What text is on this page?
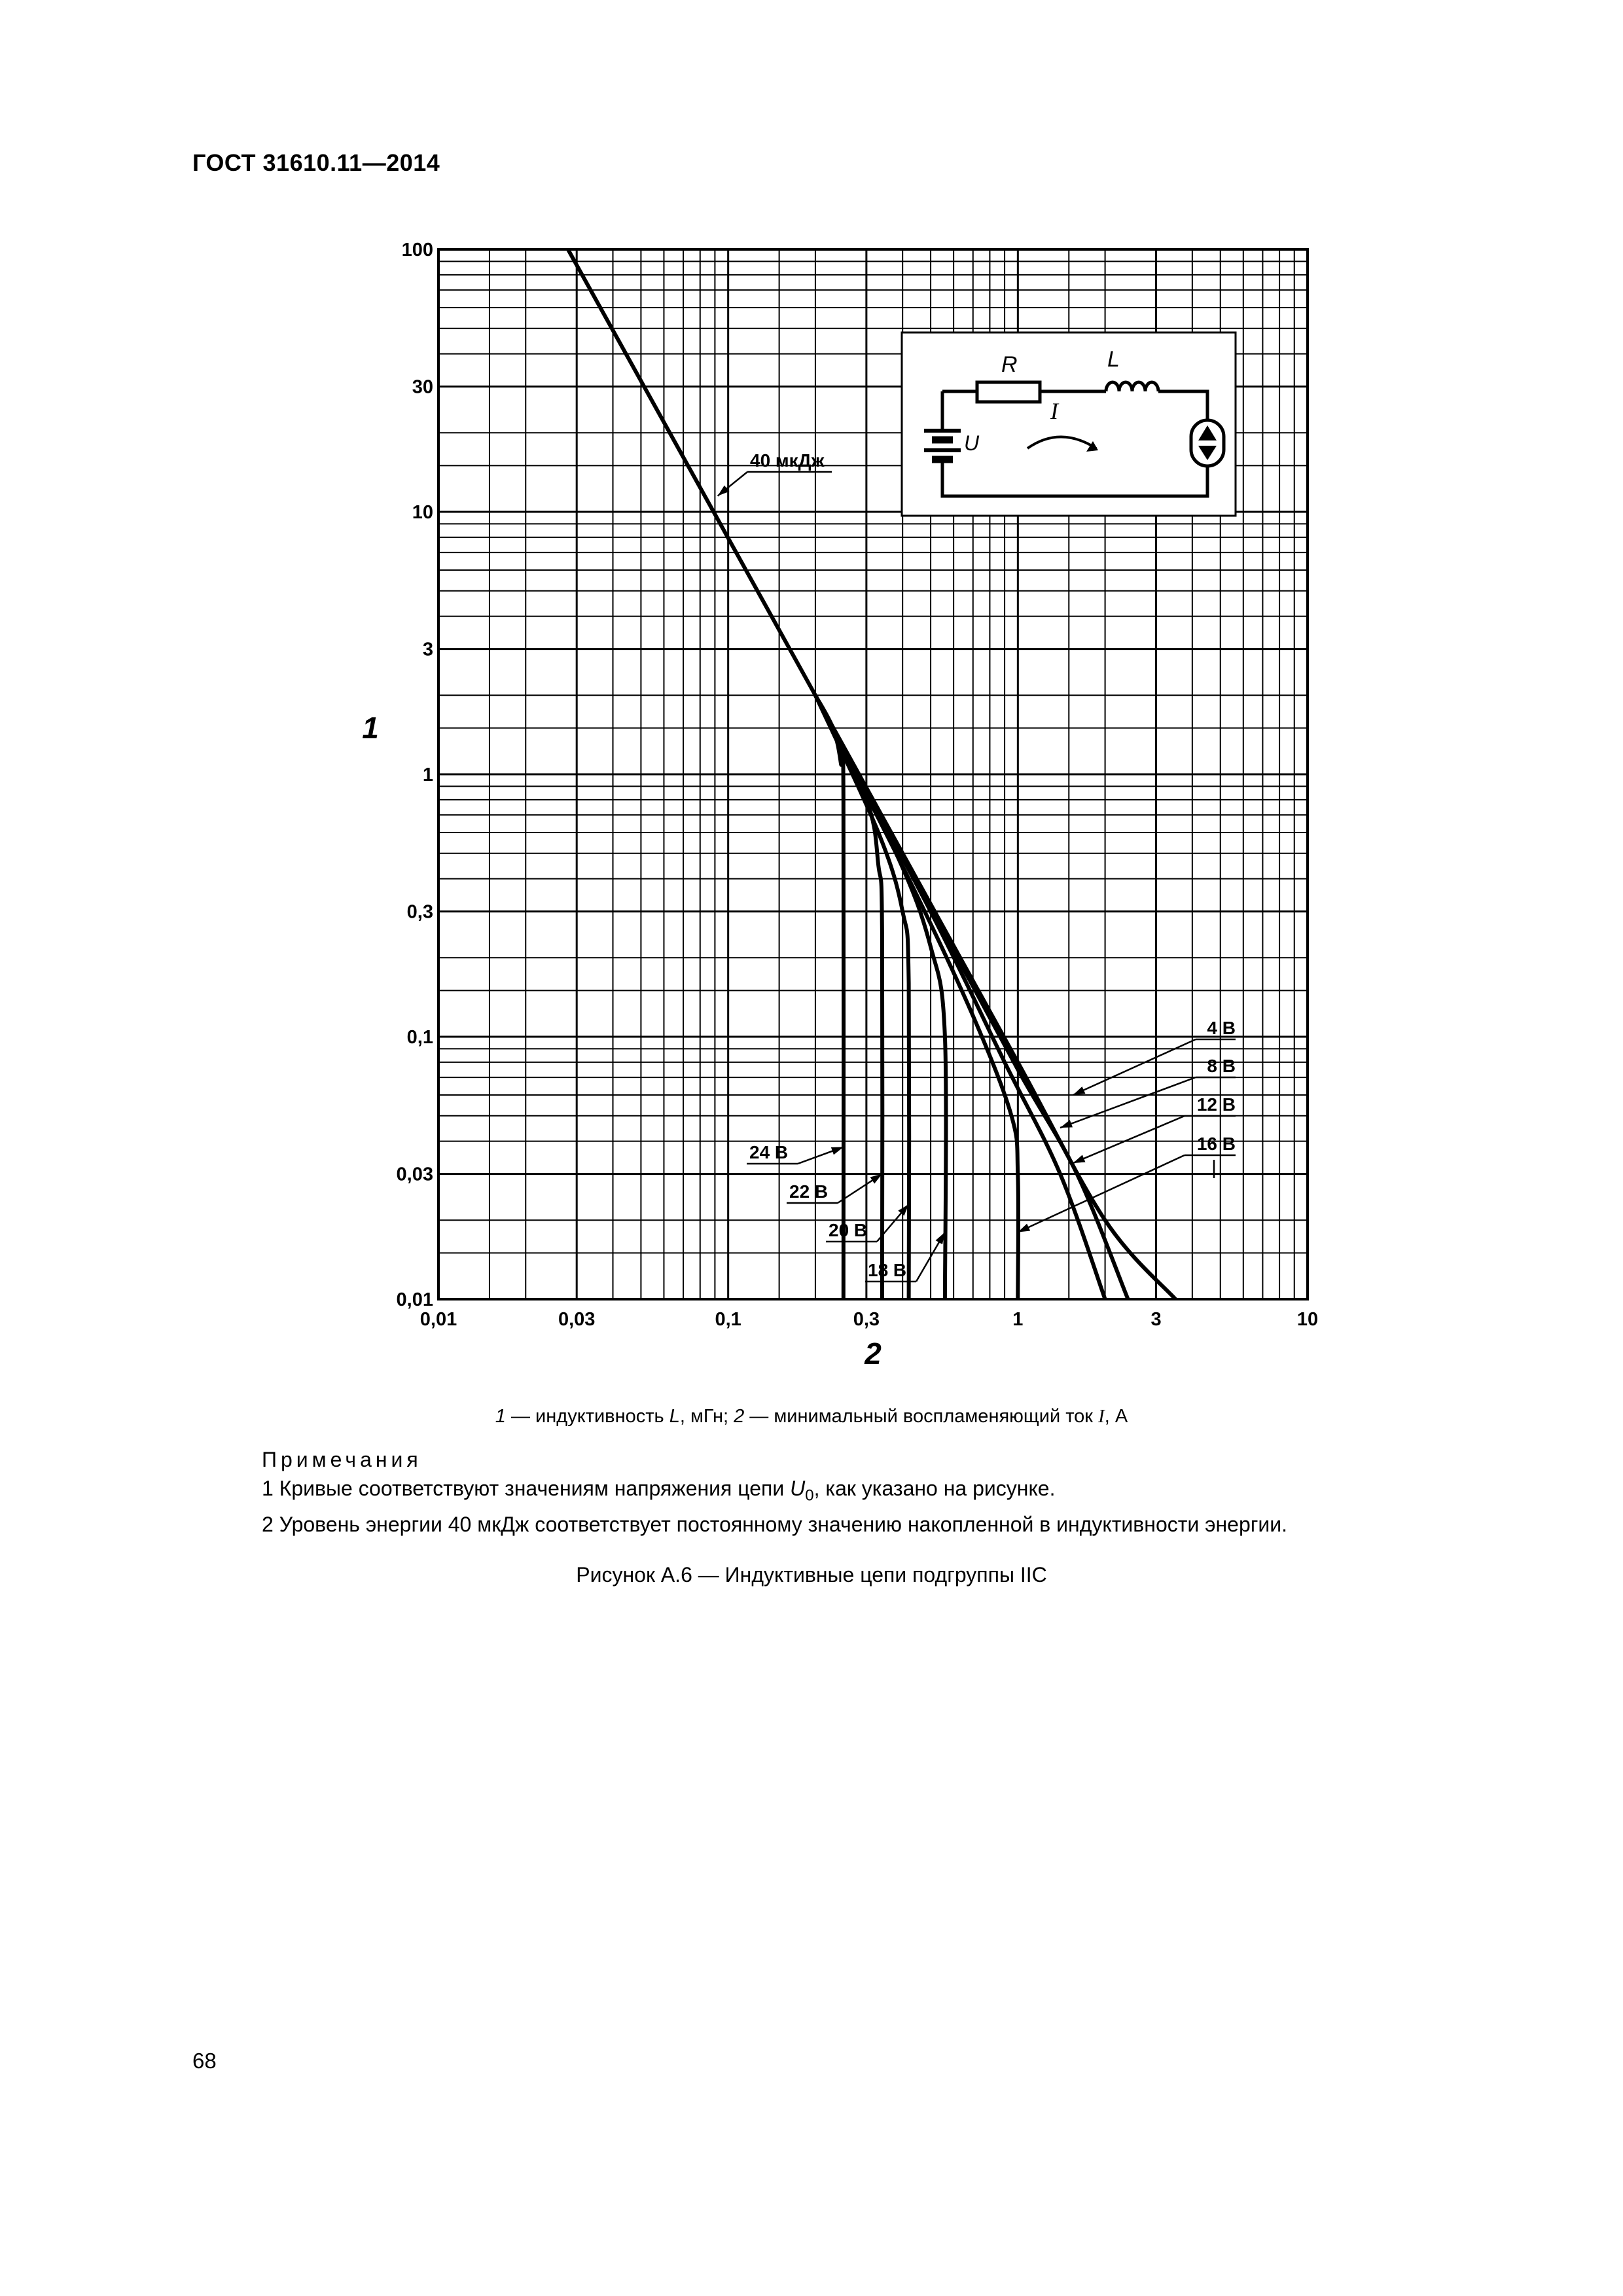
ГОСТ 31610.11—2014
0,01	0,03	0,1	0,3	1	3	10
0,01
0,03
0,1
0,3
1
3
10
30
100
40 мкДж
4 В
8 В
12 В
16 В
24 В
22 В
20 В
18 В
R	L
I
U
1
2
1 — индуктивность L, мГн; 2 — минимальный воспламеняющий ток I, А
Примечания
1 Кривые соответствуют значениям напряжения цепи $U_0$, как указано на рисунке.
2 Уровень энергии 40 мкДж соответствует постоянному значению накопленной в индуктивности энергии.
Рисунок А.6 — Индуктивные цепи подгруппы IIC
68
